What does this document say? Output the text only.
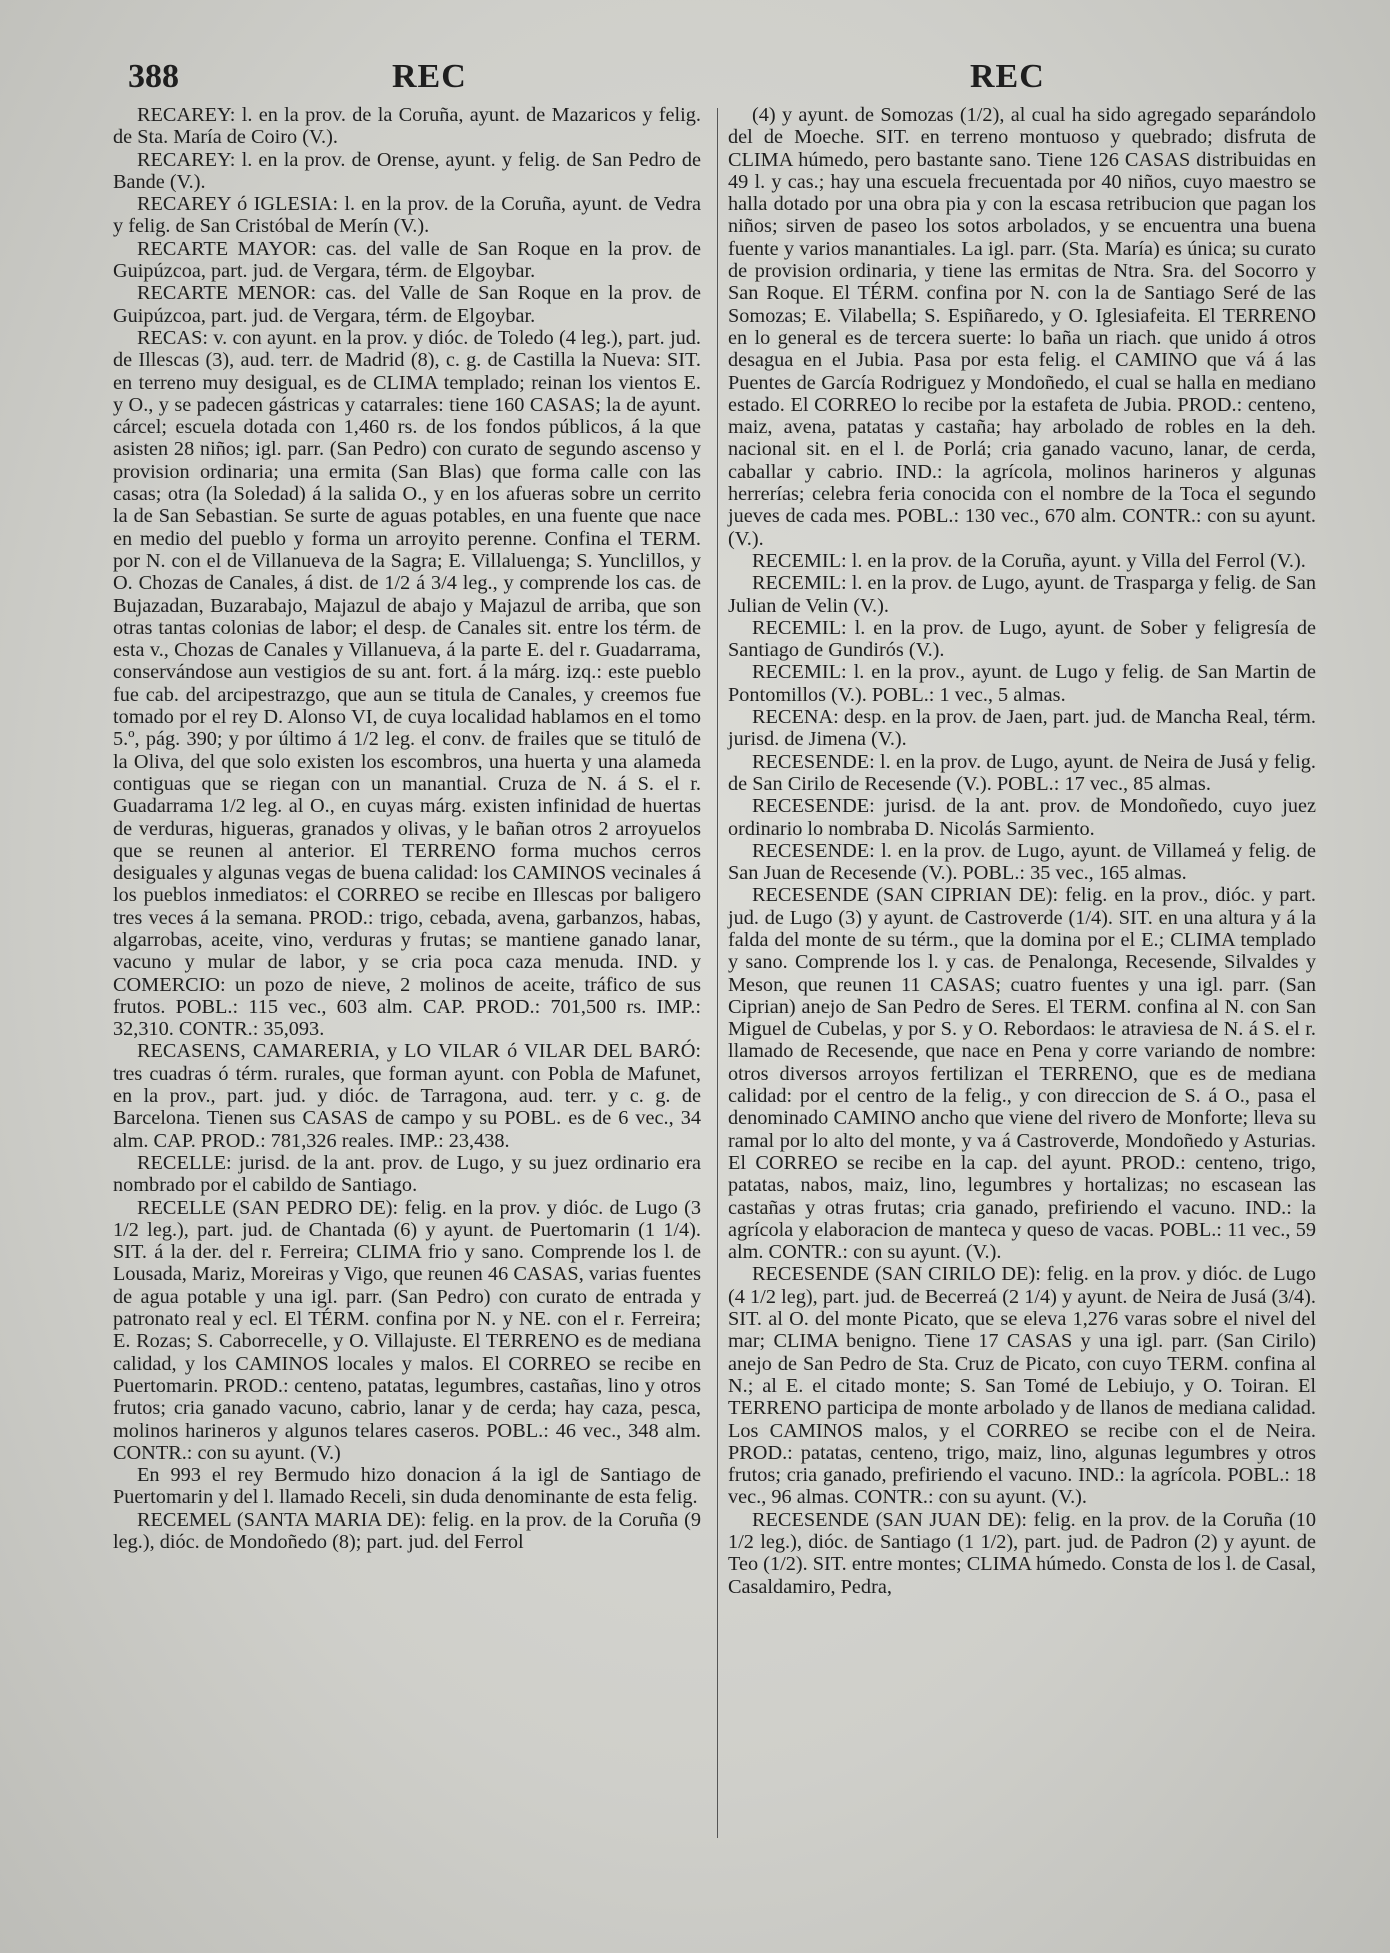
388	REC	REC

RECAREY: l. en la prov. de la Coruña, ayunt. de Mazaricos y felig. de Sta. María de Coiro (V.).

RECAREY: l. en la prov. de Orense, ayunt. y felig. de San Pedro de Bande (V.).

RECAREY ó IGLESIA: l. en la prov. de la Coruña, ayunt. de Vedra y felig. de San Cristóbal de Merín (V.).

RECARTE MAYOR: cas. del valle de San Roque en la prov. de Guipúzcoa, part. jud. de Vergara, térm. de Elgoybar.

RECARTE MENOR: cas. del Valle de San Roque en la prov. de Guipúzcoa, part. jud. de Vergara, térm. de Elgoybar.

RECAS: v. con ayunt. en la prov. y dióc. de Toledo (4 leg.), part. jud. de Illescas (3), aud. terr. de Madrid (8), c. g. de Castilla la Nueva: SIT. en terreno muy desigual, es de CLIMA templado; reinan los vientos E. y O., y se padecen gástricas y catarrales: tiene 160 CASAS; la de ayunt. cárcel; escuela dotada con 1,460 rs. de los fondos públicos, á la que asisten 28 niños; igl. parr. (San Pedro) con curato de segundo ascenso y provision ordinaria; una ermita (San Blas) que forma calle con las casas; otra (la Soledad) á la salida O., y en los afueras sobre un cerrito la de San Sebastian. Se surte de aguas potables, en una fuente que nace en medio del pueblo y forma un arroyito perenne. Confina el TERM. por N. con el de Villanueva de la Sagra; E. Villaluenga; S. Yunclillos, y O. Chozas de Canales, á dist. de 1/2 á 3/4 leg., y comprende los cas. de Bujazadan, Buzarabajo, Majazul de abajo y Majazul de arriba, que son otras tantas colonias de labor; el desp. de Canales sit. entre los térm. de esta v., Chozas de Canales y Villanueva, á la parte E. del r. Guadarrama, conservándose aun vestigios de su ant. fort. á la márg. izq.: este pueblo fue cab. del arcipestrazgo, que aun se titula de Canales, y creemos fue tomado por el rey D. Alonso VI, de cuya localidad hablamos en el tomo 5.º, pág. 390; y por último á 1/2 leg. el conv. de frailes que se tituló de la Oliva, del que solo existen los escombros, una huerta y una alameda contiguas que se riegan con un manantial. Cruza de N. á S. el r. Guadarrama 1/2 leg. al O., en cuyas márg. existen infinidad de huertas de verduras, higueras, granados y olivas, y le bañan otros 2 arroyuelos que se reunen al anterior. El TERRENO forma muchos cerros desiguales y algunas vegas de buena calidad: los CAMINOS vecinales á los pueblos inmediatos: el CORREO se recibe en Illescas por baligero tres veces á la semana. PROD.: trigo, cebada, avena, garbanzos, habas, algarrobas, aceite, vino, verduras y frutas; se mantiene ganado lanar, vacuno y mular de labor, y se cria poca caza menuda. IND. y COMERCIO: un pozo de nieve, 2 molinos de aceite, tráfico de sus frutos. POBL.: 115 vec., 603 alm. CAP. PROD.: 701,500 rs. IMP.: 32,310. CONTR.: 35,093.

RECASENS, CAMARERIA, y LO VILAR ó VILAR DEL BARÓ: tres cuadras ó térm. rurales, que forman ayunt. con Pobla de Mafunet, en la prov., part. jud. y dióc. de Tarragona, aud. terr. y c. g. de Barcelona. Tienen sus CASAS de campo y su POBL. es de 6 vec., 34 alm. CAP. PROD.: 781,326 reales. IMP.: 23,438.

RECELLE: jurisd. de la ant. prov. de Lugo, y su juez ordinario era nombrado por el cabildo de Santiago.

RECELLE (SAN PEDRO DE): felig. en la prov. y dióc. de Lugo (3 1/2 leg.), part. jud. de Chantada (6) y ayunt. de Puertomarin (1 1/4). SIT. á la der. del r. Ferreira; CLIMA frio y sano. Comprende los l. de Lousada, Mariz, Moreiras y Vigo, que reunen 46 CASAS, varias fuentes de agua potable y una igl. parr. (San Pedro) con curato de entrada y patronato real y ecl. El TÉRM. confina por N. y NE. con el r. Ferreira; E. Rozas; S. Caborrecelle, y O. Villajuste. El TERRENO es de mediana calidad, y los CAMINOS locales y malos. El CORREO se recibe en Puertomarin. PROD.: centeno, patatas, legumbres, castañas, lino y otros frutos; cria ganado vacuno, cabrio, lanar y de cerda; hay caza, pesca, molinos harineros y algunos telares caseros. POBL.: 46 vec., 348 alm. CONTR.: con su ayunt. (V.)

En 993 el rey Bermudo hizo donacion á la igl de Santiago de Puertomarin y del l. llamado Receli, sin duda denominante de esta felig.

RECEMEL (SANTA MARIA DE): felig. en la prov. de la Coruña (9 leg.), dióc. de Mondoñedo (8); part. jud. del Ferrol

(4) y ayunt. de Somozas (1/2), al cual ha sido agregado separándolo del de Moeche. SIT. en terreno montuoso y quebrado; disfruta de CLIMA húmedo, pero bastante sano. Tiene 126 CASAS distribuidas en 49 l. y cas.; hay una escuela frecuentada por 40 niños, cuyo maestro se halla dotado por una obra pia y con la escasa retribucion que pagan los niños; sirven de paseo los sotos arbolados, y se encuentra una buena fuente y varios manantiales. La igl. parr. (Sta. María) es única; su curato de provision ordinaria, y tiene las ermitas de Ntra. Sra. del Socorro y San Roque. El TÉRM. confina por N. con la de Santiago Seré de las Somozas; E. Vilabella; S. Espiñaredo, y O. Iglesiafeita. El TERRENO en lo general es de tercera suerte: lo baña un riach. que unido á otros desagua en el Jubia. Pasa por esta felig. el CAMINO que vá á las Puentes de García Rodriguez y Mondoñedo, el cual se halla en mediano estado. El CORREO lo recibe por la estafeta de Jubia. PROD.: centeno, maiz, avena, patatas y castaña; hay arbolado de robles en la deh. nacional sit. en el l. de Porlá; cria ganado vacuno, lanar, de cerda, caballar y cabrio. IND.: la agrícola, molinos harineros y algunas herrerías; celebra feria conocida con el nombre de la Toca el segundo jueves de cada mes. POBL.: 130 vec., 670 alm. CONTR.: con su ayunt. (V.).

RECEMIL: l. en la prov. de la Coruña, ayunt. y Villa del Ferrol (V.).

RECEMIL: l. en la prov. de Lugo, ayunt. de Trasparga y felig. de San Julian de Velin (V.).

RECEMIL: l. en la prov. de Lugo, ayunt. de Sober y feligresía de Santiago de Gundirós (V.).

RECEMIL: l. en la prov., ayunt. de Lugo y felig. de San Martin de Pontomillos (V.). POBL.: 1 vec., 5 almas.

RECENA: desp. en la prov. de Jaen, part. jud. de Mancha Real, térm. jurisd. de Jimena (V.).

RECESENDE: l. en la prov. de Lugo, ayunt. de Neira de Jusá y felig. de San Cirilo de Recesende (V.). POBL.: 17 vec., 85 almas.

RECESENDE: jurisd. de la ant. prov. de Mondoñedo, cuyo juez ordinario lo nombraba D. Nicolás Sarmiento.

RECESENDE: l. en la prov. de Lugo, ayunt. de Villameá y felig. de San Juan de Recesende (V.). POBL.: 35 vec., 165 almas.

RECESENDE (SAN CIPRIAN DE): felig. en la prov., dióc. y part. jud. de Lugo (3) y ayunt. de Castroverde (1/4). SIT. en una altura y á la falda del monte de su térm., que la domina por el E.; CLIMA templado y sano. Comprende los l. y cas. de Penalonga, Recesende, Silvaldes y Meson, que reunen 11 CASAS; cuatro fuentes y una igl. parr. (San Ciprian) anejo de San Pedro de Seres. El TERM. confina al N. con San Miguel de Cubelas, y por S. y O. Rebordaos: le atraviesa de N. á S. el r. llamado de Recesende, que nace en Pena y corre variando de nombre: otros diversos arroyos fertilizan el TERRENO, que es de mediana calidad: por el centro de la felig., y con direccion de S. á O., pasa el denominado CAMINO ancho que viene del rivero de Monforte; lleva su ramal por lo alto del monte, y va á Castroverde, Mondoñedo y Asturias. El CORREO se recibe en la cap. del ayunt. PROD.: centeno, trigo, patatas, nabos, maiz, lino, legumbres y hortalizas; no escasean las castañas y otras frutas; cria ganado, prefiriendo el vacuno. IND.: la agrícola y elaboracion de manteca y queso de vacas. POBL.: 11 vec., 59 alm. CONTR.: con su ayunt. (V.).

RECESENDE (SAN CIRILO DE): felig. en la prov. y dióc. de Lugo (4 1/2 leg), part. jud. de Becerreá (2 1/4) y ayunt. de Neira de Jusá (3/4). SIT. al O. del monte Picato, que se eleva 1,276 varas sobre el nivel del mar; CLIMA benigno. Tiene 17 CASAS y una igl. parr. (San Cirilo) anejo de San Pedro de Sta. Cruz de Picato, con cuyo TERM. confina al N.; al E. el citado monte; S. San Tomé de Lebiujo, y O. Toiran. El TERRENO participa de monte arbolado y de llanos de mediana calidad. Los CAMINOS malos, y el CORREO se recibe con el de Neira. PROD.: patatas, centeno, trigo, maiz, lino, algunas legumbres y otros frutos; cria ganado, prefiriendo el vacuno. IND.: la agrícola. POBL.: 18 vec., 96 almas. CONTR.: con su ayunt. (V.).

RECESENDE (SAN JUAN DE): felig. en la prov. de la Coruña (10 1/2 leg.), dióc. de Santiago (1 1/2), part. jud. de Padron (2) y ayunt. de Teo (1/2). SIT. entre montes; CLIMA húmedo. Consta de los l. de Casal, Casaldamiro, Pedra,
